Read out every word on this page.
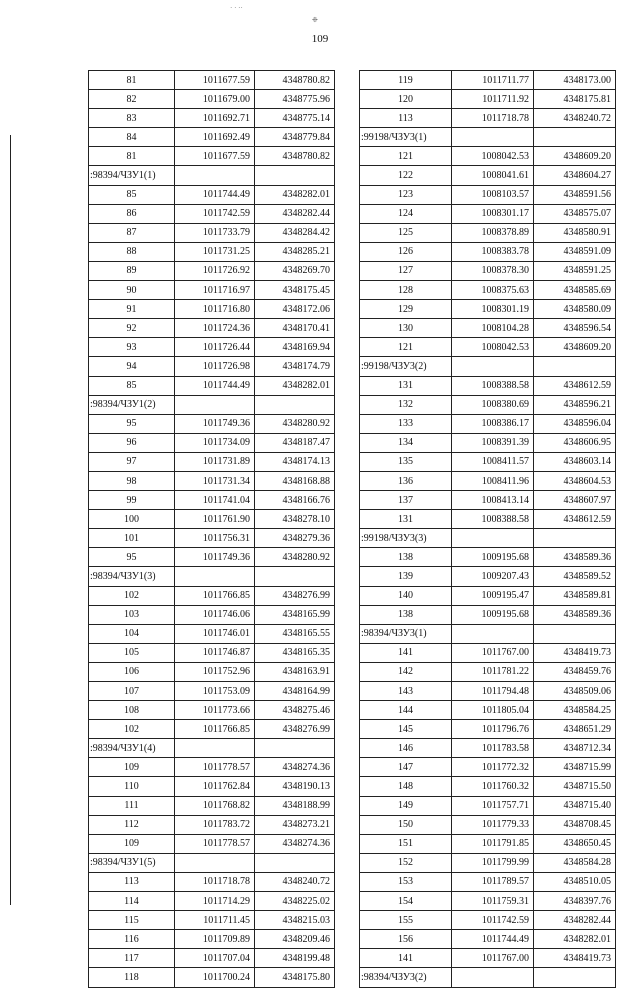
· · ··
❉
109
81	1011677.59	4348780.82
82	1011679.00	4348775.96
83	1011692.71	4348775.14
84	1011692.49	4348779.84
81	1011677.59	4348780.82
:98394/ЧЗУ1(1)		
85	1011744.49	4348282.01
86	1011742.59	4348282.44
87	1011733.79	4348284.42
88	1011731.25	4348285.21
89	1011726.92	4348269.70
90	1011716.97	4348175.45
91	1011716.80	4348172.06
92	1011724.36	4348170.41
93	1011726.44	4348169.94
94	1011726.98	4348174.79
85	1011744.49	4348282.01
:98394/ЧЗУ1(2)		
95	1011749.36	4348280.92
96	1011734.09	4348187.47
97	1011731.89	4348174.13
98	1011731.34	4348168.88
99	1011741.04	4348166.76
100	1011761.90	4348278.10
101	1011756.31	4348279.36
95	1011749.36	4348280.92
:98394/ЧЗУ1(3)		
102	1011766.85	4348276.99
103	1011746.06	4348165.99
104	1011746.01	4348165.55
105	1011746.87	4348165.35
106	1011752.96	4348163.91
107	1011753.09	4348164.99
108	1011773.66	4348275.46
102	1011766.85	4348276.99
:98394/ЧЗУ1(4)		
109	1011778.57	4348274.36
110	1011762.84	4348190.13
111	1011768.82	4348188.99
112	1011783.72	4348273.21
109	1011778.57	4348274.36
:98394/ЧЗУ1(5)		
113	1011718.78	4348240.72
114	1011714.29	4348225.02
115	1011711.45	4348215.03
116	1011709.89	4348209.46
117	1011707.04	4348199.48
118	1011700.24	4348175.80
119	1011711.77	4348173.00
120	1011711.92	4348175.81
113	1011718.78	4348240.72
:99198/ЧЗУ3(1)		
121	1008042.53	4348609.20
122	1008041.61	4348604.27
123	1008103.57	4348591.56
124	1008301.17	4348575.07
125	1008378.89	4348580.91
126	1008383.78	4348591.09
127	1008378.30	4348591.25
128	1008375.63	4348585.69
129	1008301.19	4348580.09
130	1008104.28	4348596.54
121	1008042.53	4348609.20
:99198/ЧЗУ3(2)		
131	1008388.58	4348612.59
132	1008380.69	4348596.21
133	1008386.17	4348596.04
134	1008391.39	4348606.95
135	1008411.57	4348603.14
136	1008411.96	4348604.53
137	1008413.14	4348607.97
131	1008388.58	4348612.59
:99198/ЧЗУ3(3)		
138	1009195.68	4348589.36
139	1009207.43	4348589.52
140	1009195.47	4348589.81
138	1009195.68	4348589.36
:98394/ЧЗУ3(1)		
141	1011767.00	4348419.73
142	1011781.22	4348459.76
143	1011794.48	4348509.06
144	1011805.04	4348584.25
145	1011796.76	4348651.29
146	1011783.58	4348712.34
147	1011772.32	4348715.99
148	1011760.32	4348715.50
149	1011757.71	4348715.40
150	1011779.33	4348708.45
151	1011791.85	4348650.45
152	1011799.99	4348584.28
153	1011789.57	4348510.05
154	1011759.31	4348397.76
155	1011742.59	4348282.44
156	1011744.49	4348282.01
141	1011767.00	4348419.73
:98394/ЧЗУ3(2)		
